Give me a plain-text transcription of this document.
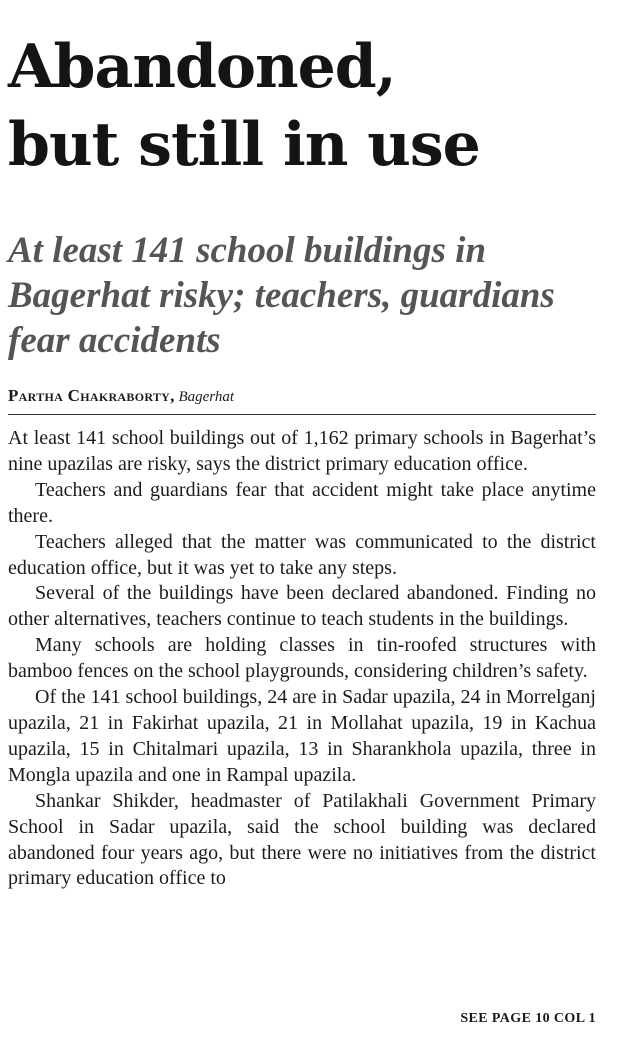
Abandoned,
but still in use
At least 141 school buildings in Bagerhat risky; teachers, guardians fear accidents
Partha Chakraborty, Bagerhat

At least 141 school buildings out of 1,162 primary schools in Bagerhat’s nine upazilas are risky, says the district primary education office.

Teachers and guardians fear that accident might take place anytime there.

Teachers alleged that the matter was communicated to the district education office, but it was yet to take any steps.

Several of the buildings have been declared abandoned. Finding no other alternatives, teachers continue to teach students in the buildings.

Many schools are holding classes in tin-roofed structures with bamboo fences on the school playgrounds, considering children’s safety.

Of the 141 school buildings, 24 are in Sadar upazila, 24 in Morrelganj upazila, 21 in Fakirhat upazila, 21 in Mollahat upazila, 19 in Kachua upazila, 15 in Chitalmari upazila, 13 in Sharankhola upazila, three in Mongla upazila and one in Rampal upazila.

Shankar Shikder, headmaster of Patilakhali Government Primary School in Sadar upazila, said the school building was declared abandoned four years ago, but there were no initiatives from the district primary education office to

SEE PAGE 10 COL 1
